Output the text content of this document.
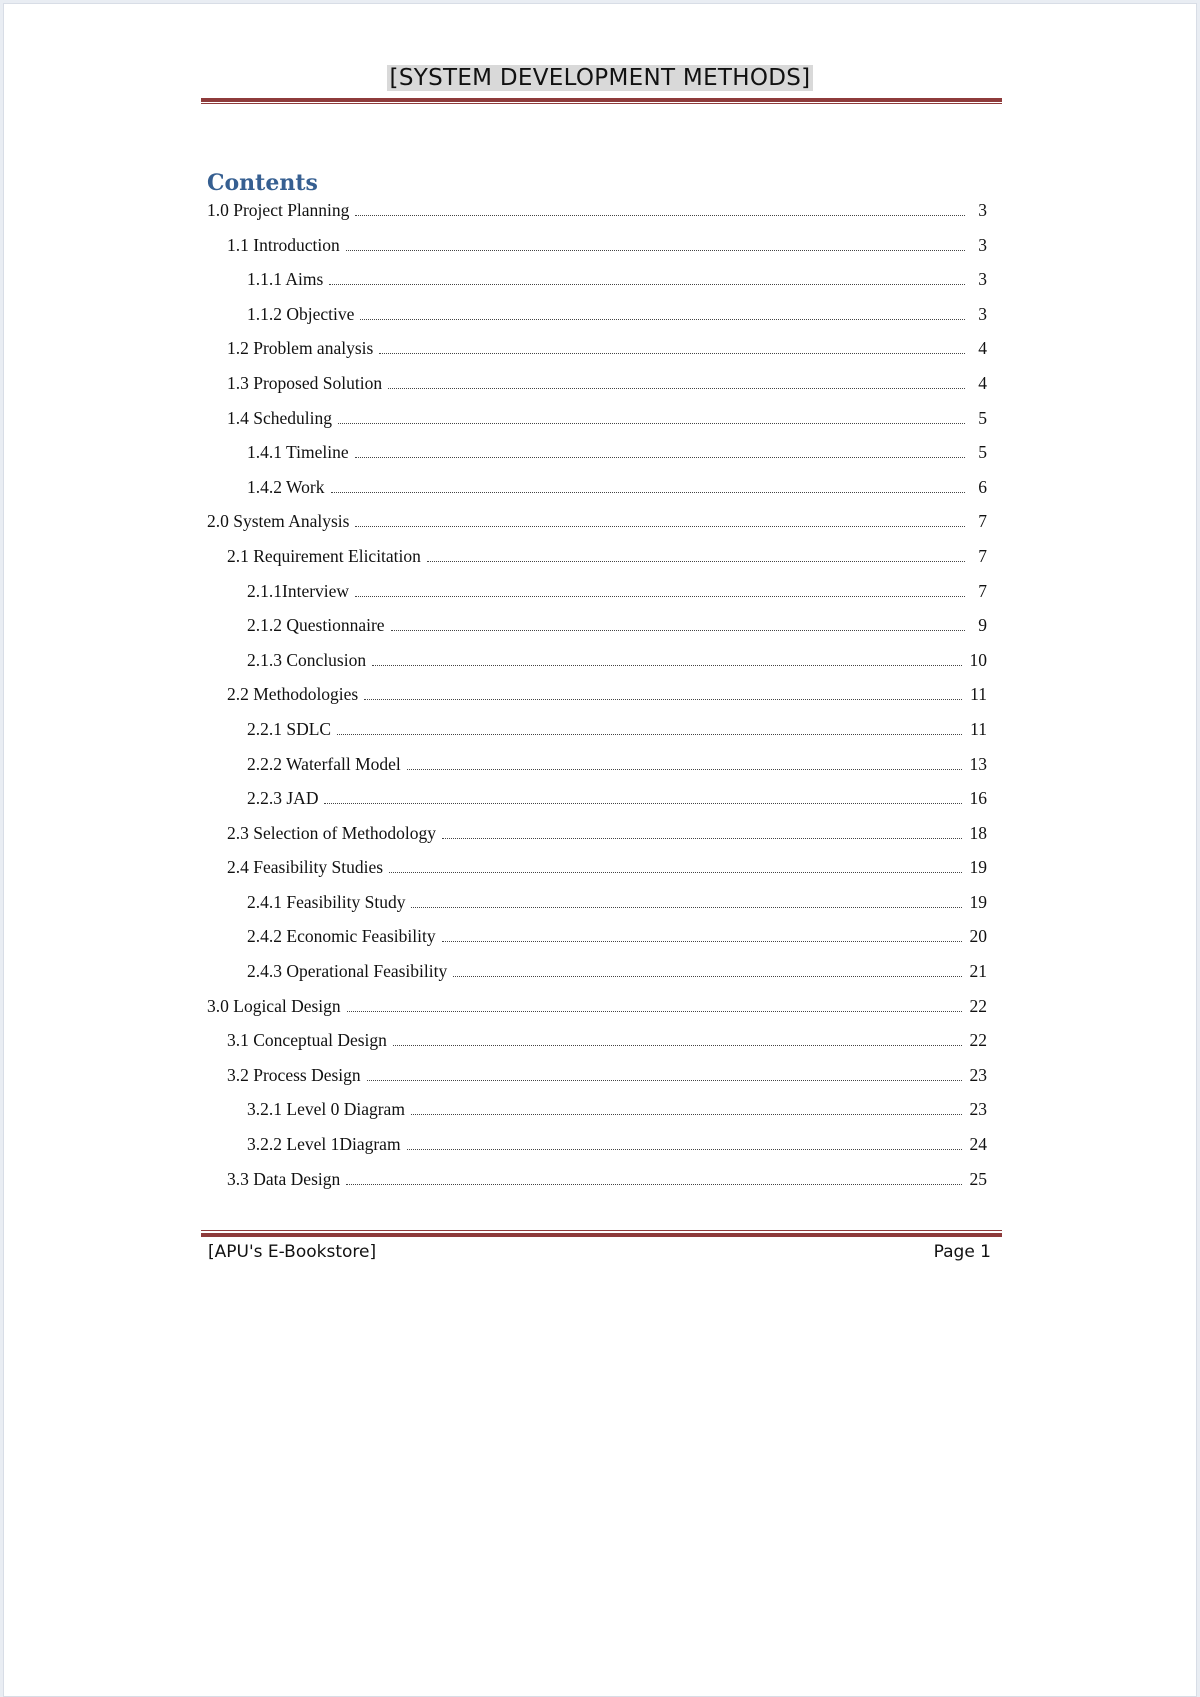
[SYSTEM DEVELOPMENT METHODS]
Contents
1.0 Project Planning	3
1.1 Introduction	3
1.1.1 Aims	3
1.1.2 Objective	3
1.2 Problem analysis	4
1.3 Proposed Solution	4
1.4 Scheduling	5
1.4.1 Timeline	5
1.4.2 Work	6
2.0 System Analysis	7
2.1 Requirement Elicitation	7
2.1.1Interview	7
2.1.2 Questionnaire	9
2.1.3 Conclusion	10
2.2 Methodologies	11
2.2.1 SDLC	11
2.2.2 Waterfall Model	13
2.2.3 JAD	16
2.3 Selection of Methodology	18
2.4 Feasibility Studies	19
2.4.1 Feasibility Study	19
2.4.2 Economic Feasibility	20
2.4.3 Operational Feasibility	21
3.0 Logical Design	22
3.1 Conceptual Design	22
3.2 Process Design	23
3.2.1 Level 0 Diagram	23
3.2.2 Level 1Diagram	24
3.3 Data Design	25
[APU's E-Bookstore]	Page 1
